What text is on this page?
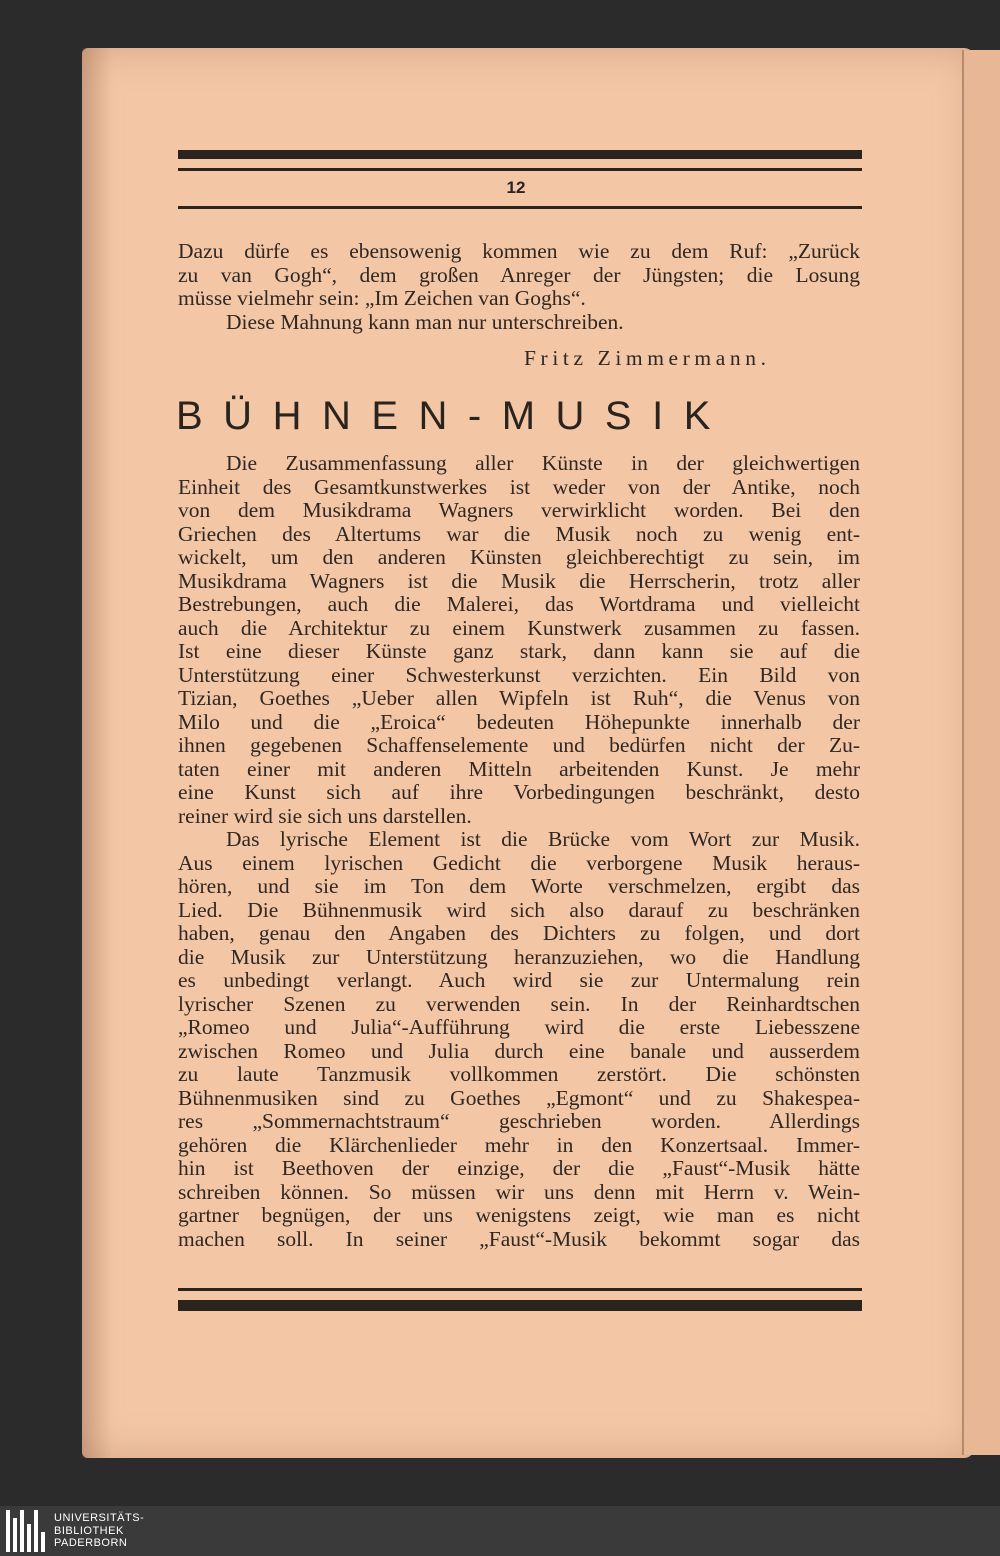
12
Dazu dürfe es ebensowenig kommen wie zu dem Ruf: „Zurück
zu van Gogh“, dem großen Anreger der Jüngsten; die Losung
müsse vielmehr sein: „Im Zeichen van Goghs“.
Diese Mahnung kann man nur unterschreiben.
Fritz Zimmermann.
BÜHNEN-MUSIK
Die Zusammenfassung aller Künste in der gleichwertigen
Einheit des Gesamtkunstwerkes ist weder von der Antike, noch
von dem Musikdrama Wagners verwirklicht worden. Bei den
Griechen des Altertums war die Musik noch zu wenig ent-
wickelt, um den anderen Künsten gleichberechtigt zu sein, im
Musikdrama Wagners ist die Musik die Herrscherin, trotz aller
Bestrebungen, auch die Malerei, das Wortdrama und vielleicht
auch die Architektur zu einem Kunstwerk zusammen zu fassen.
Ist eine dieser Künste ganz stark, dann kann sie auf die
Unterstützung einer Schwesterkunst verzichten. Ein Bild von
Tizian, Goethes „Ueber allen Wipfeln ist Ruh“, die Venus von
Milo und die „Eroica“ bedeuten Höhepunkte innerhalb der
ihnen gegebenen Schaffenselemente und bedürfen nicht der Zu-
taten einer mit anderen Mitteln arbeitenden Kunst. Je mehr
eine Kunst sich auf ihre Vorbedingungen beschränkt, desto
reiner wird sie sich uns darstellen.
Das lyrische Element ist die Brücke vom Wort zur Musik.
Aus einem lyrischen Gedicht die verborgene Musik heraus-
hören, und sie im Ton dem Worte verschmelzen, ergibt das
Lied. Die Bühnenmusik wird sich also darauf zu beschränken
haben, genau den Angaben des Dichters zu folgen, und dort
die Musik zur Unterstützung heranzuziehen, wo die Handlung
es unbedingt verlangt. Auch wird sie zur Untermalung rein
lyrischer Szenen zu verwenden sein. In der Reinhardtschen
„Romeo und Julia“-Aufführung wird die erste Liebesszene
zwischen Romeo und Julia durch eine banale und ausserdem
zu laute Tanzmusik vollkommen zerstört. Die schönsten
Bühnenmusiken sind zu Goethes „Egmont“ und zu Shakespea-
res „Sommernachtstraum“ geschrieben worden. Allerdings
gehören die Klärchenlieder mehr in den Konzertsaal. Immer-
hin ist Beethoven der einzige, der die „Faust“-Musik hätte
schreiben können. So müssen wir uns denn mit Herrn v. Wein-
gartner begnügen, der uns wenigstens zeigt, wie man es nicht
machen soll. In seiner „Faust“-Musik bekommt sogar das
UNIVERSITÄTS-
BIBLIOTHEK
PADERBORN
